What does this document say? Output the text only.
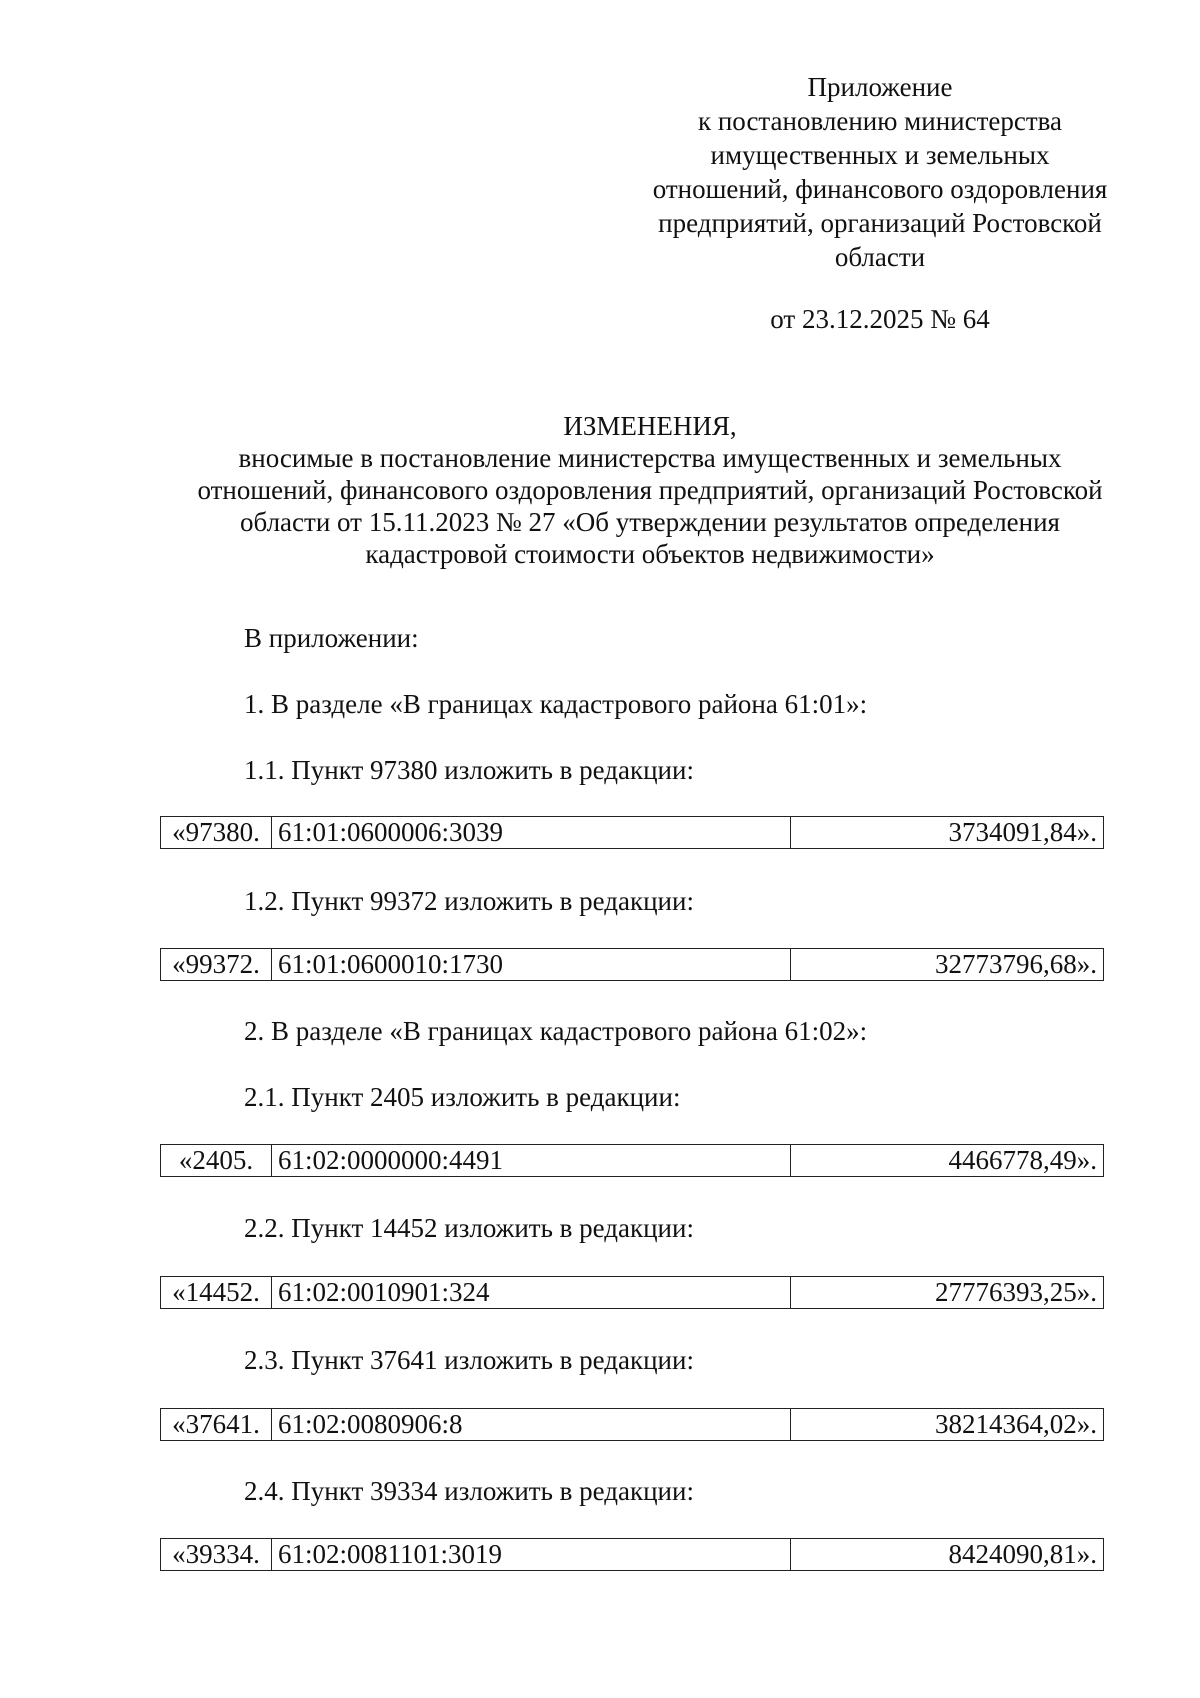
Приложение
к постановлению министерства
имущественных и земельных
отношений, финансового оздоровления
предприятий, организаций Ростовской
области
от 23.12.2025 № 64
ИЗМЕНЕНИЯ,
вносимые в постановление министерства имущественных и земельных
отношений, финансового оздоровления предприятий, организаций Ростовской
области от 15.11.2023 № 27 «Об утверждении результатов определения
кадастровой стоимости объектов недвижимости»
В приложении:
1. В разделе «В границах кадастрового района 61:01»:
1.1. Пункт 97380 изложить в редакции:
«97380.	61:01:0600006:3039	3734091,84».
1.2. Пункт 99372 изложить в редакции:
«99372.	61:01:0600010:1730	32773796,68».
2. В разделе «В границах кадастрового района 61:02»:
2.1. Пункт 2405 изложить в редакции:
«2405.	61:02:0000000:4491	4466778,49».
2.2. Пункт 14452 изложить в редакции:
«14452.	61:02:0010901:324	27776393,25».
2.3. Пункт 37641 изложить в редакции:
«37641.	61:02:0080906:8	38214364,02».
2.4. Пункт 39334 изложить в редакции:
«39334.	61:02:0081101:3019	8424090,81».
